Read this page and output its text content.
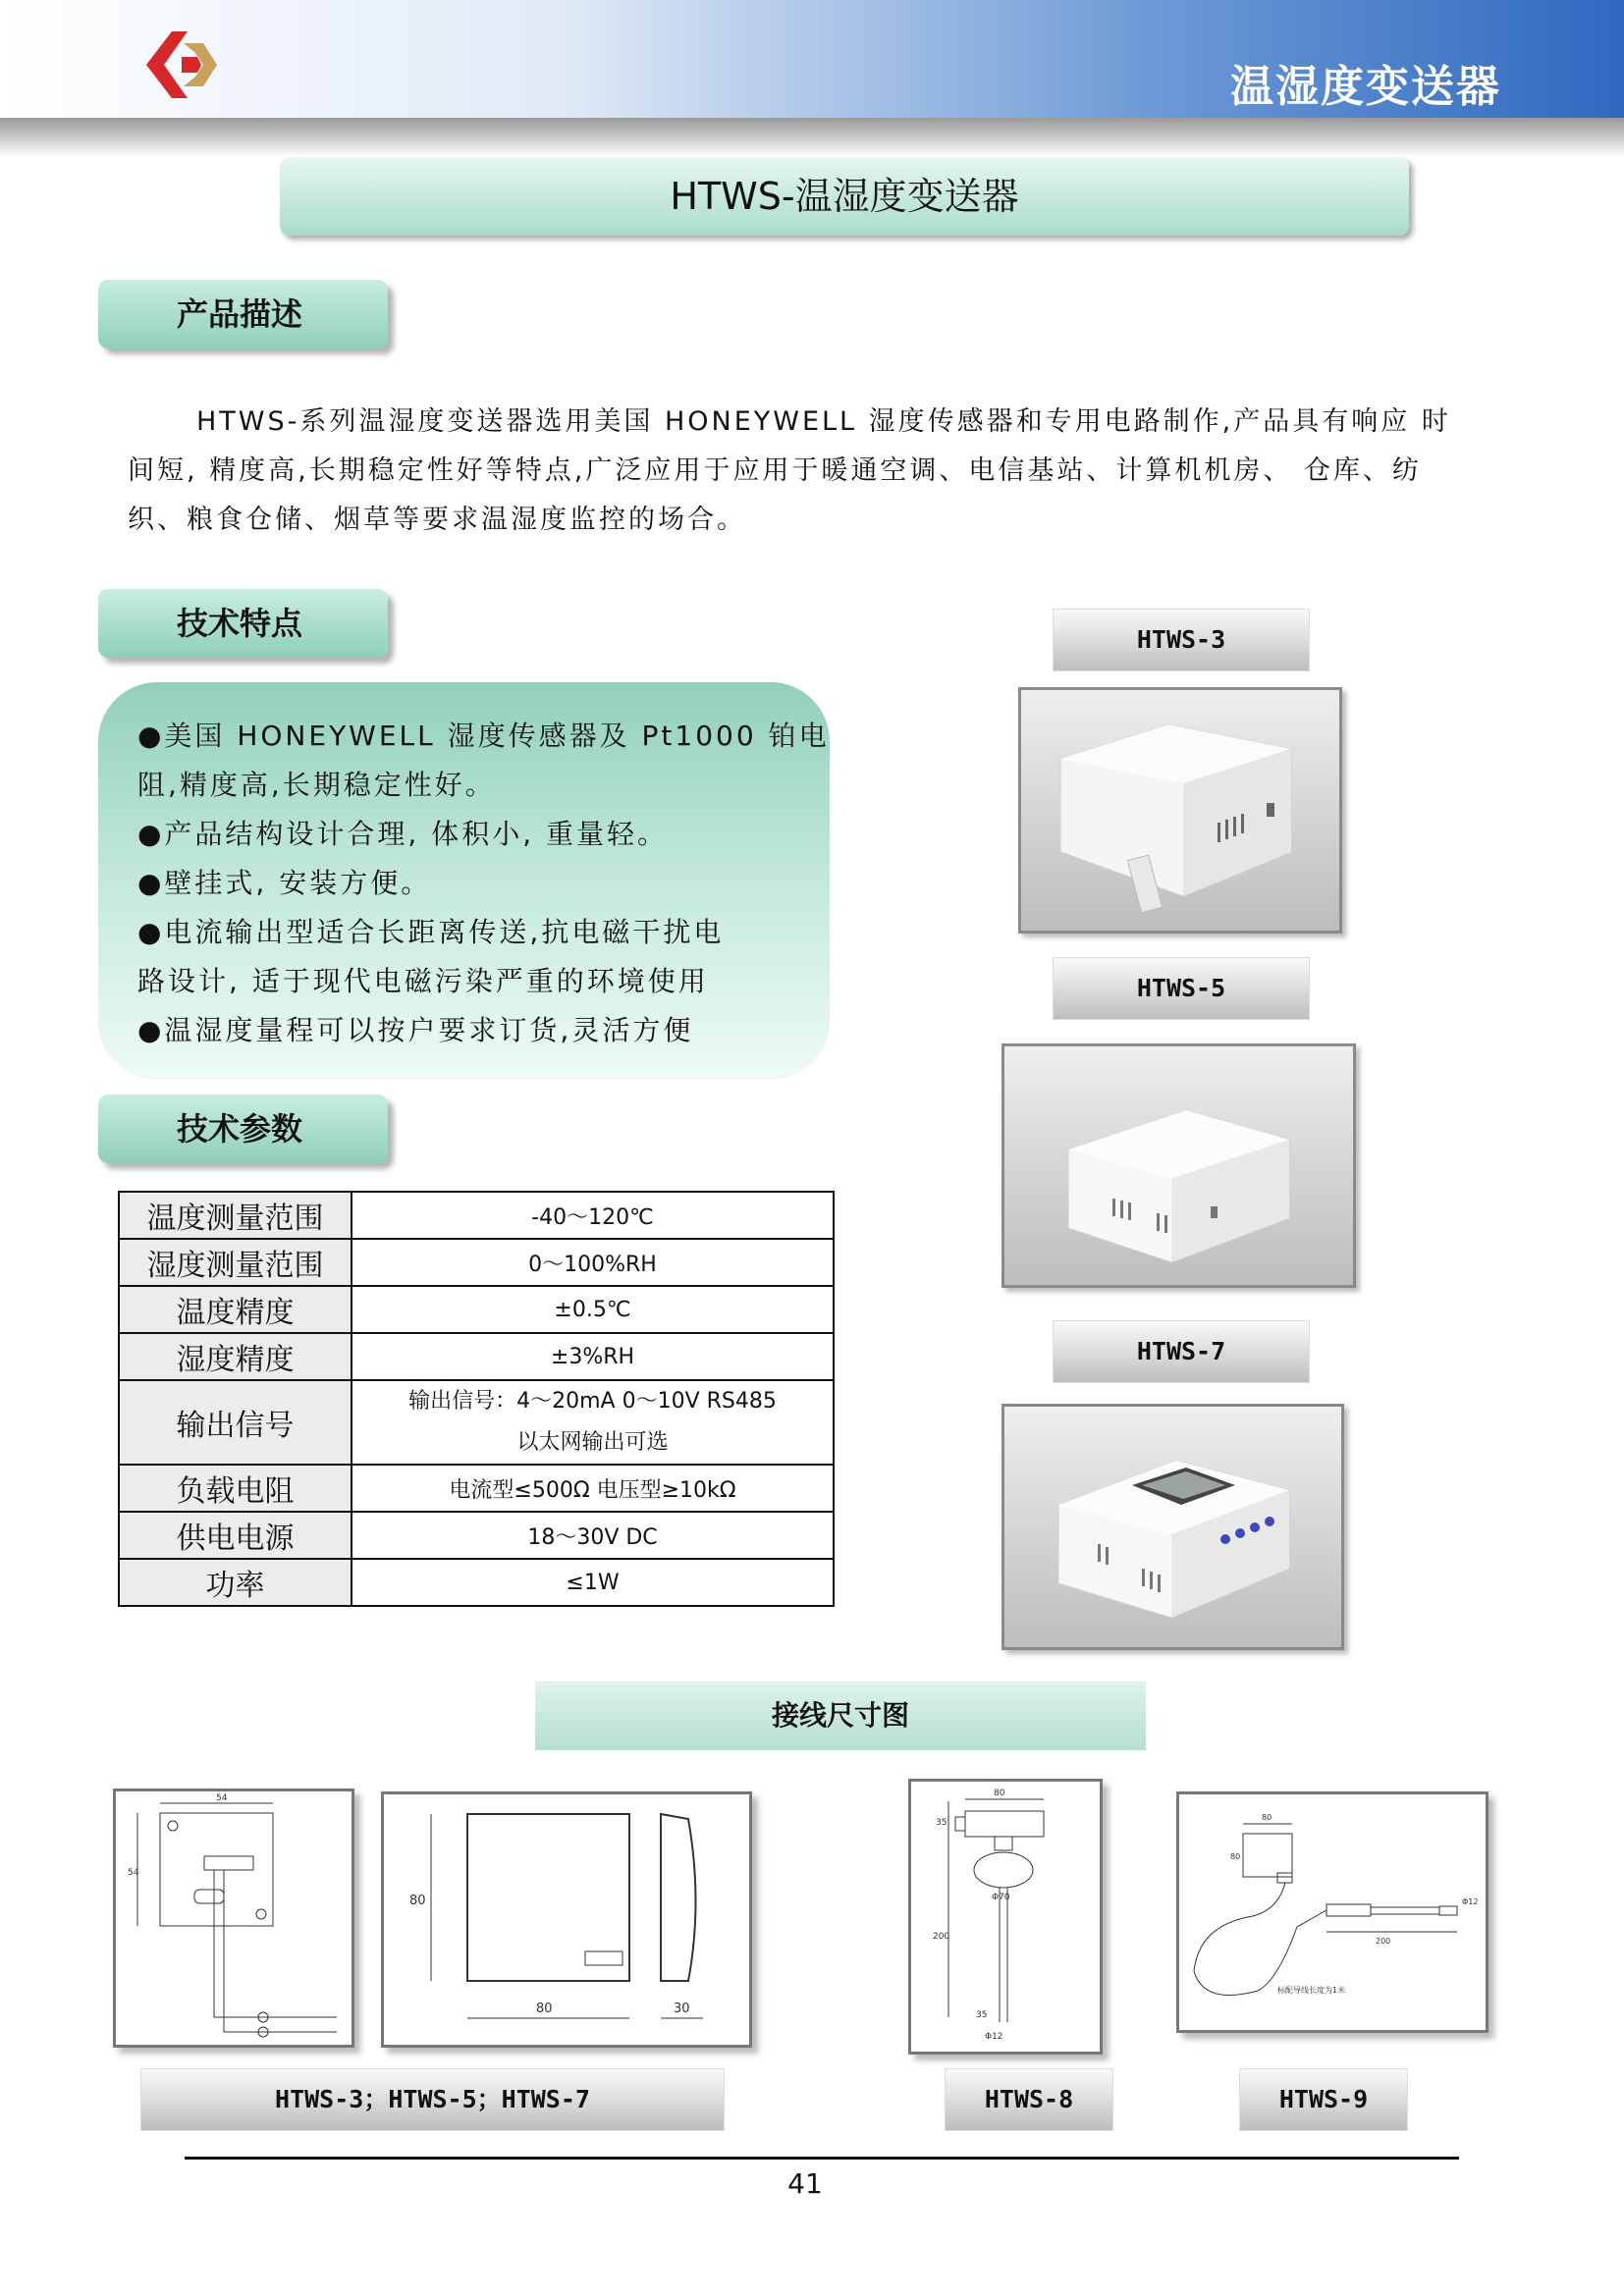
温湿度变送器
HTWS-温湿度变送器
产品描述
HTWS-系列温湿度变送器选用美国 HONEYWELL 湿度传感器和专用电路制作,产品具有响应 时间短, 精度高,长期稳定性好等特点,广泛应用于应用于暖通空调、电信基站、计算机机房、 仓库、纺织、粮食仓储、烟草等要求温湿度监控的场合。
技术特点
●美国 HONEYWELL 湿度传感器及 Pt1000 铂电
阻,精度高,长期稳定性好。
●产品结构设计合理, 体积小, 重量轻。
●壁挂式, 安装方便。
●电流输出型适合长距离传送,抗电磁干扰电
路设计, 适于现代电磁污染严重的环境使用
●温湿度量程可以按户要求订货,灵活方便
技术参数
温度测量范围	-40～120℃
湿度测量范围	0～100%RH
温度精度	±0.5℃
湿度精度	±3%RH
输出信号	输出信号：4～20mA 0～10V RS485
以太网输出可选

负载电阻	电流型≤500Ω 电压型≥10kΩ
供电电源	18～30V DC
功率	≤1W
HTWS-3
HTWS-5
HTWS-7
接线尺寸图
54
54
80
80	30
80
35
200
35
Φ70
Φ12
80
80
200
Φ12
标配导线长度为1米
HTWS-3；HTWS-5；HTWS-7	HTWS-8	HTWS-9
41
